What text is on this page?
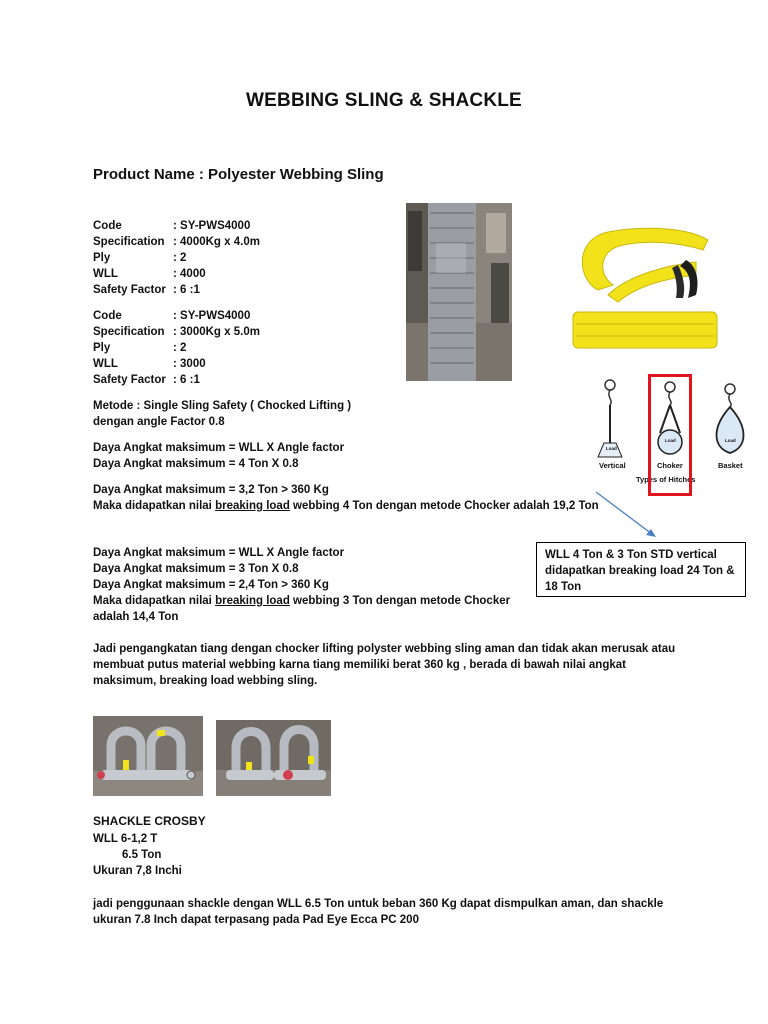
WEBBING SLING & SHACKLE
Product Name : Polyester Webbing Sling
Code	: SY-PWS4000
Specification : 4000Kg x 4.0m
Ply	: 2
WLL	: 4000
Safety Factor : 6 :1
Code	: SY-PWS4000
Specification : 3000Kg x 5.0m
Ply	: 2
WLL	: 3000
Safety Factor : 6 :1
Metode : Single Sling Safety ( Chocked Lifting )
dengan angle Factor 0.8
Daya Angkat maksimum = WLL X Angle factor
Daya Angkat maksimum = 4 Ton X 0.8
Daya Angkat maksimum = 3,2 Ton > 360 Kg
Maka didapatkan nilai breaking load webbing 4 Ton dengan metode Chocker adalah 19,2 Ton
Daya Angkat maksimum = WLL X Angle factor
Daya Angkat maksimum = 3 Ton X 0.8
Daya Angkat maksimum = 2,4 Ton > 360 Kg
Maka didapatkan nilai breaking load webbing 3 Ton dengan metode Chocker
adalah 14,4 Ton
WLL 4 Ton & 3 Ton STD vertical didapatkan breaking load 24 Ton & 18 Ton
Jadi pengangkatan tiang dengan chocker lifting polyster webbing sling aman dan tidak akan merusak atau
membuat putus material webbing karna tiang memiliki berat 360 kg , berada di bawah nilai angkat
maksimum, breaking load webbing sling.
Load
Load	Load
Vertical	Choker	Basket
Types of Hitches
SHACKLE CROSBY
WLL 6-1,2 T
6.5 Ton
Ukuran 7,8 Inchi
jadi penggunaan shackle dengan WLL 6.5 Ton untuk beban 360 Kg dapat dismpulkan aman, dan shackle
ukuran 7.8 Inch dapat terpasang pada Pad Eye Ecca PC 200
